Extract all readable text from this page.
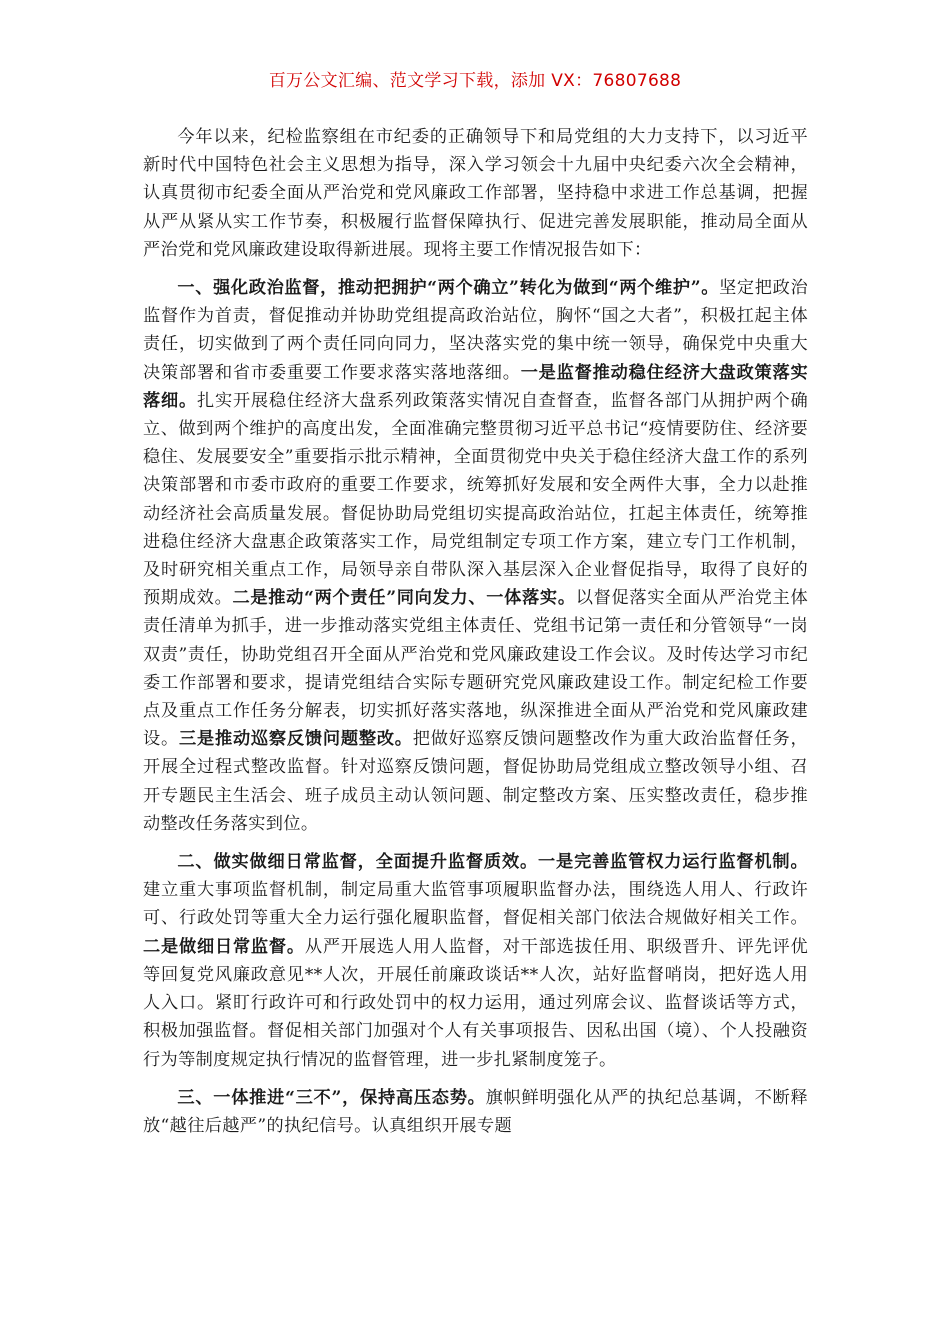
百万公文汇编、范文学习下载，添加 VX：76807688

今年以来，纪检监察组在市纪委的正确领导下和局党组的大力支持下，以习近平新时代中国特色社会主义思想为指导，深入学习领会十九届中央纪委六次全会精神，认真贯彻市纪委全面从严治党和党风廉政工作部署，坚持稳中求进工作总基调，把握从严从紧从实工作节奏，积极履行监督保障执行、促进完善发展职能，推动局全面从严治党和党风廉政建设取得新进展。现将主要工作情况报告如下：

一、强化政治监督，推动把拥护“两个确立”转化为做到“两个维护”。坚定把政治监督作为首责，督促推动并协助党组提高政治站位，胸怀“国之大者”，积极扛起主体责任，切实做到了两个责任同向同力，坚决落实党的集中统一领导，确保党中央重大决策部署和省市委重要工作要求落实落地落细。一是监督推动稳住经济大盘政策落实落细。扎实开展稳住经济大盘系列政策落实情况自查督查，监督各部门从拥护两个确立、做到两个维护的高度出发，全面准确完整贯彻习近平总书记“疫情要防住、经济要稳住、发展要安全”重要指示批示精神，全面贯彻党中央关于稳住经济大盘工作的系列决策部署和市委市政府的重要工作要求，统筹抓好发展和安全两件大事，全力以赴推动经济社会高质量发展。督促协助局党组切实提高政治站位，扛起主体责任，统筹推进稳住经济大盘惠企政策落实工作，局党组制定专项工作方案，建立专门工作机制，及时研究相关重点工作，局领导亲自带队深入基层深入企业督促指导，取得了良好的预期成效。二是推动“两个责任”同向发力、一体落实。以督促落实全面从严治党主体责任清单为抓手，进一步推动落实党组主体责任、党组书记第一责任和分管领导“一岗双责”责任，协助党组召开全面从严治党和党风廉政建设工作会议。及时传达学习市纪委工作部署和要求，提请党组结合实际专题研究党风廉政建设工作。制定纪检工作要点及重点工作任务分解表，切实抓好落实落地，纵深推进全面从严治党和党风廉政建设。三是推动巡察反馈问题整改。把做好巡察反馈问题整改作为重大政治监督任务，开展全过程式整改监督。针对巡察反馈问题，督促协助局党组成立整改领导小组、召开专题民主生活会、班子成员主动认领问题、制定整改方案、压实整改责任，稳步推动整改任务落实到位。

二、做实做细日常监督，全面提升监督质效。一是完善监管权力运行监督机制。建立重大事项监督机制，制定局重大监管事项履职监督办法，围绕选人用人、行政许可、行政处罚等重大全力运行强化履职监督，督促相关部门依法合规做好相关工作。二是做细日常监督。从严开展选人用人监督，对干部选拔任用、职级晋升、评先评优等回复党风廉政意见**人次，开展任前廉政谈话**人次，站好监督哨岗，把好选人用人入口。紧盯行政许可和行政处罚中的权力运用，通过列席会议、监督谈话等方式，积极加强监督。督促相关部门加强对个人有关事项报告、因私出国（境）、个人投融资行为等制度规定执行情况的监督管理，进一步扎紧制度笼子。

三、一体推进“三不”，保持高压态势。旗帜鲜明强化从严的执纪总基调，不断释放“越往后越严”的执纪信号。认真组织开展专题
